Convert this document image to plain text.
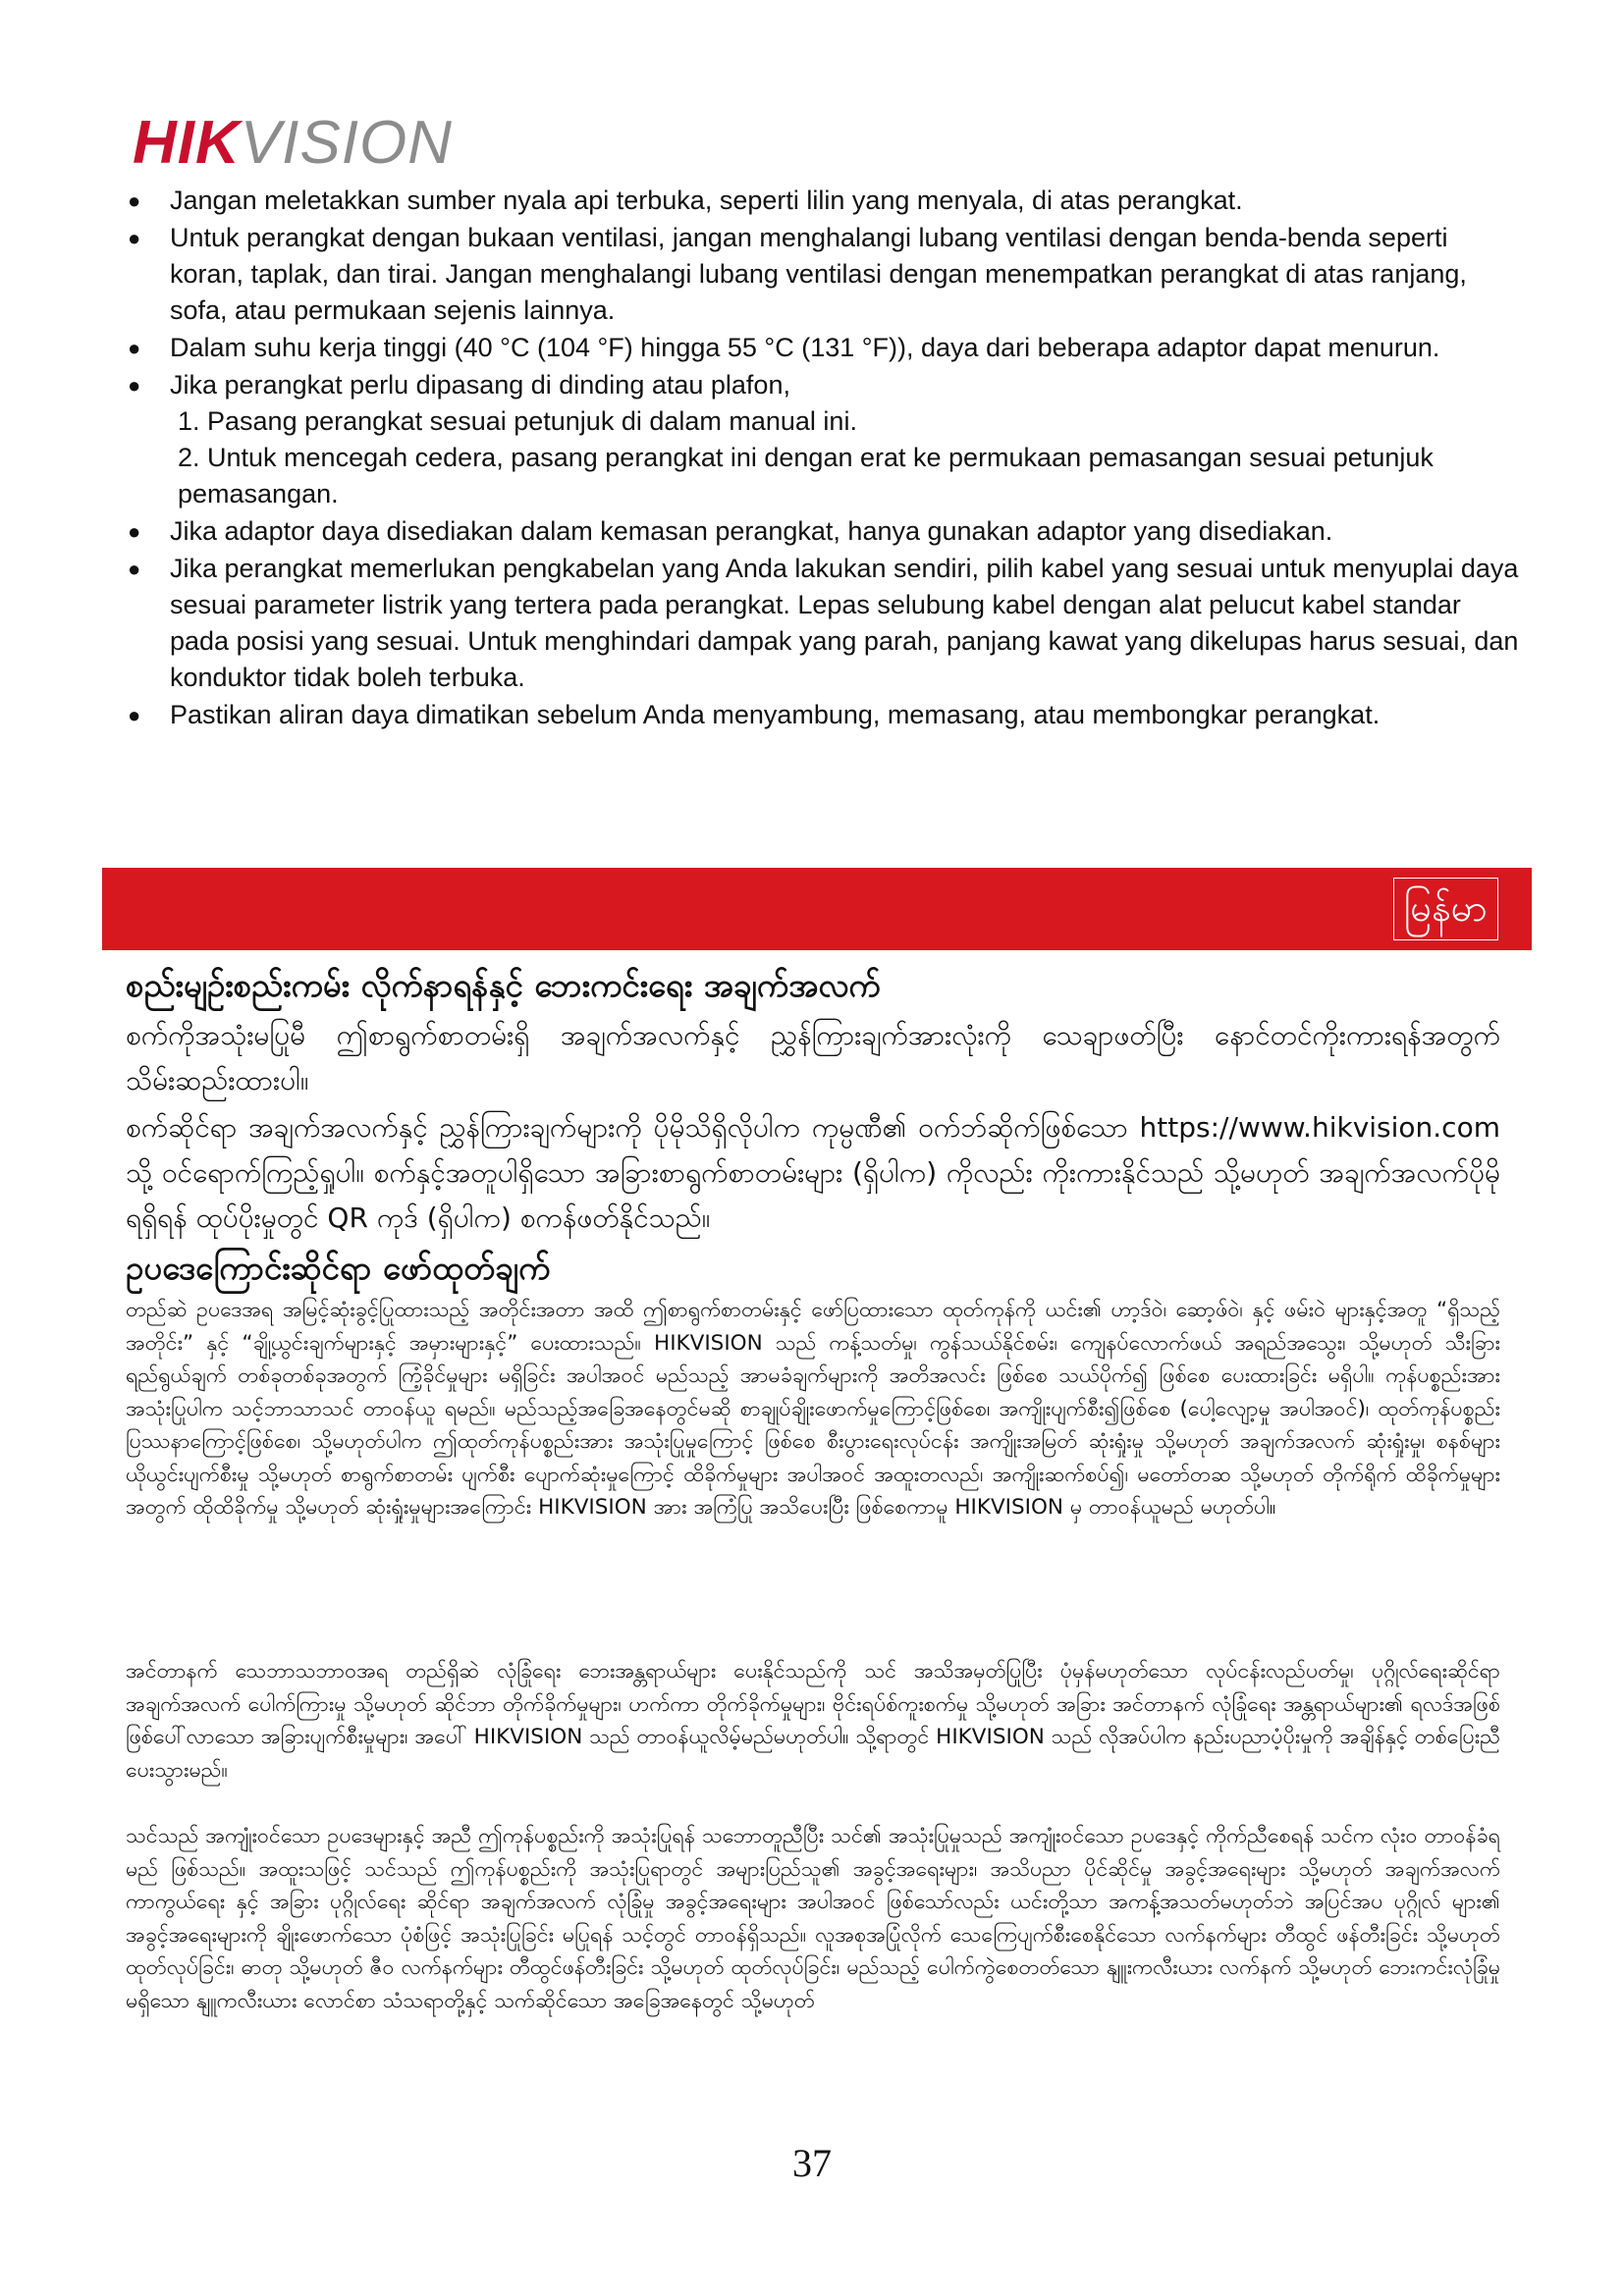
HIKVISION
● Jangan meletakkan sumber nyala api terbuka, seperti lilin yang menyala, di atas perangkat.
● Untuk perangkat dengan bukaan ventilasi, jangan menghalangi lubang ventilasi dengan benda-benda seperti koran, taplak, dan tirai. Jangan menghalangi lubang ventilasi dengan menempatkan perangkat di atas ranjang, sofa, atau permukaan sejenis lainnya.
● Dalam suhu kerja tinggi (40 °C (104 °F) hingga 55 °C (131 °F)), daya dari beberapa adaptor dapat menurun.
● Jika perangkat perlu dipasang di dinding atau plafon,
1. Pasang perangkat sesuai petunjuk di dalam manual ini.
2. Untuk mencegah cedera, pasang perangkat ini dengan erat ke permukaan pemasangan sesuai petunjuk pemasangan.
● Jika adaptor daya disediakan dalam kemasan perangkat, hanya gunakan adaptor yang disediakan.
● Jika perangkat memerlukan pengkabelan yang Anda lakukan sendiri, pilih kabel yang sesuai untuk menyuplai daya sesuai parameter listrik yang tertera pada perangkat. Lepas selubung kabel dengan alat pelucut kabel standar pada posisi yang sesuai. Untuk menghindari dampak yang parah, panjang kawat yang dikelupas harus sesuai, dan konduktor tidak boleh terbuka.
● Pastikan aliran daya dimatikan sebelum Anda menyambung, memasang, atau membongkar perangkat.
မြန်မာ
စည်းမျဉ်းစည်းကမ်း လိုက်နာရန်နှင့် ဘေးကင်းရေး အချက်အလက်
စက်ကိုအသုံးမပြုမီ ဤစာရွက်စာတမ်းရှိ အချက်အလက်နှင့် ညွှန်ကြားချက်အားလုံးကို သေချာဖတ်ပြီး နောင်တင်ကိုးကားရန်အတွက် သိမ်းဆည်းထားပါ။
စက်ဆိုင်ရာ အချက်အလက်နှင့် ညွှန်ကြားချက်များကို ပိုမိုသိရှိလိုပါက ကုမ္ပဏီ၏ ဝက်ဘ်ဆိုက်ဖြစ်သော https://www.hikvision.com သို့ ဝင်ရောက်ကြည့်ရှုပါ။ စက်နှင့်အတူပါရှိသော အခြားစာရွက်စာတမ်းများ (ရှိပါက) ကိုလည်း ကိုးကားနိုင်သည် သို့မဟုတ် အချက်အလက်ပိုမိုရရှိရန် ထုပ်ပိုးမှုတွင် QR ကုဒ် (ရှိပါက) စကန်ဖတ်နိုင်သည်။
ဥပဒေကြောင်းဆိုင်ရာ ဖော်ထုတ်ချက်
တည်ဆဲ ဥပဒေအရ အမြင့်ဆုံးခွင့်ပြုထားသည့် အတိုင်းအတာ အထိ ဤစာရွက်စာတမ်းနှင့် ဖော်ပြထားသော ထုတ်ကုန်ကို ယင်း၏ ဟာ့ဒ်ဝဲ၊ ဆော့ဖ်ဝဲ၊ နှင့် ဖမ်းဝဲ များနှင့်အတူ “ရှိသည့်အတိုင်း” နှင့် “ချို့ယွင်းချက်များနှင့် အမှားများနှင့်” ပေးထားသည်။ HIKVISION သည် ကန့်သတ်မှု၊ ကွန်သယ်နိုင်စမ်း၊ ကျေနပ်လောက်ဖယ် အရည်အသွေး၊ သို့မဟုတ် သီးခြားရည်ရွယ်ချက် တစ်ခုတစ်ခုအတွက် ကြံ့ခိုင်မှုများ မရှိခြင်း အပါအဝင် မည်သည့် အာမခံချက်များကို အတိအလင်း ဖြစ်စေ သယ်ပိုက်၍ ဖြစ်စေ ပေးထားခြင်း မရှိပါ။ ကုန်ပစ္စည်းအား အသုံးပြုပါက သင့်ဘာသာသင် တာဝန်ယူ ရမည်။ မည်သည့်အခြေအနေတွင်မဆို စာချုပ်ချိုးဖောက်မှုကြောင့်ဖြစ်စေ၊ အကျိုးပျက်စီး၍ဖြစ်စေ (ပေါ့လျော့မှု အပါအဝင်)၊ ထုတ်ကုန်ပစ္စည်း ပြဿနာကြောင့်ဖြစ်စေ၊ သို့မဟုတ်ပါက ဤထုတ်ကုန်ပစ္စည်းအား အသုံးပြုမှုကြောင့် ဖြစ်စေ စီးပွားရေးလုပ်ငန်း အကျိုးအမြတ် ဆုံးရှုံးမှု သို့မဟုတ် အချက်အလက် ဆုံးရှုံးမှု၊ စနစ်များ ယိုယွင်းပျက်စီးမှု သို့မဟုတ် စာရွက်စာတမ်း ပျက်စီး ပျောက်ဆုံးမှုကြောင့် ထိခိုက်မှုများ အပါအဝင် အထူးတလည်၊ အကျိုးဆက်စပ်၍၊ မတော်တဆ သို့မဟုတ် တိုက်ရိုက် ထိခိုက်မှုများအတွက် ထိုထိခိုက်မှု သို့မဟုတ် ဆုံးရှုံးမှုများအကြောင်း HIKVISION အား အကြံပြု အသိပေးပြီး ဖြစ်စေကာမူ HIKVISION မှ တာဝန်ယူမည် မဟုတ်ပါ။
အင်တာနက် သေဘာသဘာဝအရ တည်ရှိဆဲ လုံခြုံရေး ဘေးအန္တရာယ်များ ပေးနိုင်သည်ကို သင် အသိအမှတ်ပြုပြီး ပုံမှန်မဟုတ်သော လုပ်ငန်းလည်ပတ်မှု၊ ပုဂ္ဂိုလ်ရေးဆိုင်ရာ အချက်အလက် ပေါက်ကြားမှု သို့မဟုတ် ဆိုင်ဘာ တိုက်ခိုက်မှုများ၊ ဟက်ကာ တိုက်ခိုက်မှုများ၊ ဗိုင်းရပ်စ်ကူးစက်မှု သို့မဟုတ် အခြား အင်တာနက် လုံခြုံရေး အန္တရာယ်များ၏ ရလဒ်အဖြစ် ဖြစ်ပေါ်လာသော အခြားပျက်စီးမှုများ၊ အပေါ် HIKVISION သည် တာဝန်ယူလိမ့်မည်မဟုတ်ပါ။ သို့ရာတွင် HIKVISION သည် လိုအပ်ပါက နည်းပညာပံ့ပိုးမှုကို အချိန်နှင့် တစ်ပြေးညီပေးသွားမည်။
သင်သည် အကျုံးဝင်သော ဥပဒေများနှင့် အညီ ဤကုန်ပစ္စည်းကို အသုံးပြုရန် သဘောတူညီပြီး သင်၏ အသုံးပြုမှုသည် အကျုံးဝင်သော ဥပဒေနှင့် ကိုက်ညီစေရန် သင်က လုံးဝ တာဝန်ခံရမည် ဖြစ်သည်။ အထူးသဖြင့် သင်သည် ဤကုန်ပစ္စည်းကို အသုံးပြုရာတွင် အများပြည်သူ၏ အခွင့်အရေးများ၊ အသိပညာ ပိုင်ဆိုင်မှု အခွင့်အရေးများ သို့မဟုတ် အချက်အလက် ကာကွယ်ရေး နှင့် အခြား ပုဂ္ဂိုလ်ရေး ဆိုင်ရာ အချက်အလက် လုံခြုံမှု အခွင့်အရေးများ အပါအဝင် ဖြစ်သော်လည်း ယင်းတို့သာ အကန့်အသတ်မဟုတ်ဘဲ အပြင်အပ ပုဂ္ဂိုလ် များ၏ အခွင့်အရေးများကို ချိုးဖောက်သော ပုံစံဖြင့် အသုံးပြုခြင်း မပြုရန် သင့်တွင် တာဝန်ရှိသည်။ လူအစုအပြုံလိုက် သေကြေပျက်စီးစေနိုင်သော လက်နက်များ တီထွင် ဖန်တီးခြင်း သို့မဟုတ် ထုတ်လုပ်ခြင်း၊ ဓာတု သို့မဟုတ် ဇီဝ လက်နက်များ တီထွင်ဖန်တီးခြင်း သို့မဟုတ် ထုတ်လုပ်ခြင်း၊ မည်သည့် ပေါက်ကွဲစေတတ်သော နျူးကလီးယား လက်နက် သို့မဟုတ် ဘေးကင်းလုံခြုံမှု မရှိသော နျူကလီးယား လောင်စာ သံသရာတို့နှင့် သက်ဆိုင်သော အခြေအနေတွင် သို့မဟုတ်
37
